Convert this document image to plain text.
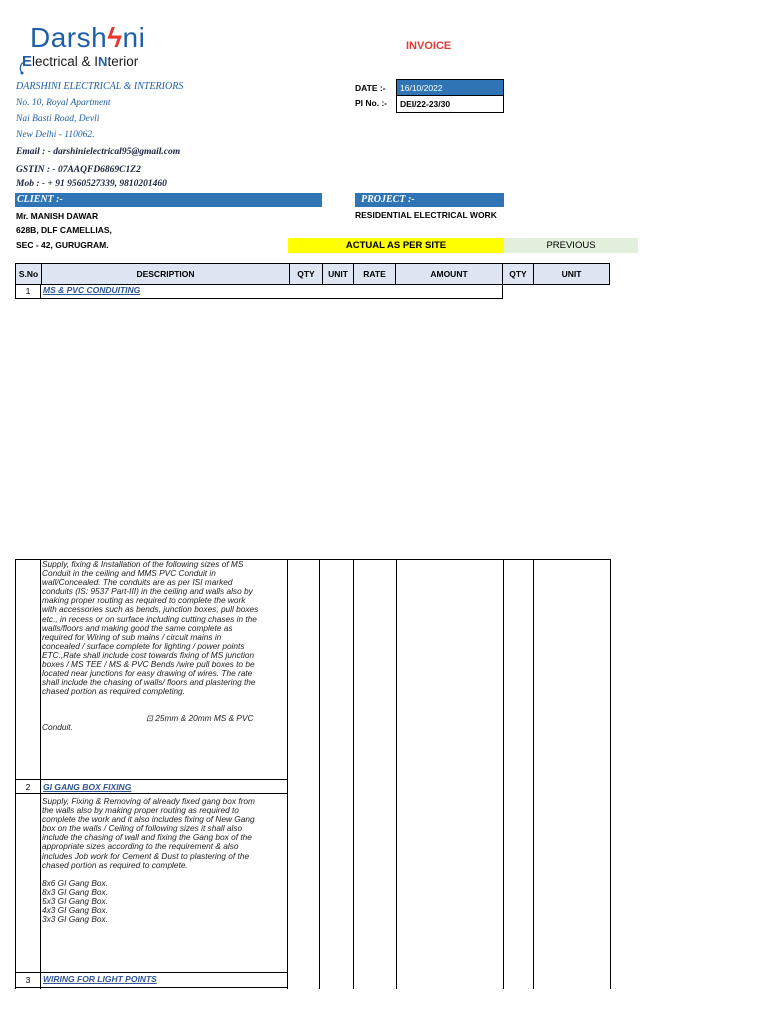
Darshϟni
Electrical & INterior
INVOICE
DARSHINI ELECTRICAL & INTERIORS
No. 10, Royal Apartment
Nai Basti Road, Devli
New Delhi - 110062.
Email : - darshinielectrical95@gmail.com
GSTIN : - 07AAQFD6869C1Z2
Mob : - + 91 9560527339, 9810201460
DATE :-	16/10/2022
PI No. :-	DEI/22-23/30
CLIENT :-	PROJECT :-
Mr. MANISH DAWAR
628B, DLF CAMELLIAS,
SEC - 42, GURUGRAM.
RESIDENTIAL ELECTRICAL WORK
ACTUAL AS PER SITE	PREVIOUS
S.No	DESCRIPTION	QTY	UNIT	RATE	AMOUNT	QTY	UNIT
1	MS & PVC CONDUITING
Supply, fixing & Installation of the following sizes of MS
Conduit in the ceiling and MMS PVC Conduit in
wall/Concealed. The conduits are as per ISI marked
conduits (IS: 9537 Part-III) in the ceiling and walls also by
making proper routing as required to complete the work
with accessories such as bends, junction boxes, pull boxes
etc., in recess or on surface including cutting chases in the
walls/floors and making good the same complete as
required for Wiring of sub mains / circuit mains in
concealed / surface complete for lighting / power points
ETC.,Rate shall include cost towards fixing of MS junction
boxes / MS TEE / MS & PVC Bends /wire pull boxes to be
located near junctions for easy drawing of wires. The rate
shall include the chasing of walls/ floors and plastering the
chased portion as required completing.
⊡ 25mm & 20mm MS & PVC
Conduit.
2	GI GANG BOX FIXING
Supply, Fixing & Removing of already fixed gang box from
the walls also by making proper routing as required to
complete the work and it also includes fixing of New Gang
box on the walls / Ceiling of following sizes it shall also
include the chasing of wall and fixing the Gang box of the
appropriate sizes according to the requirement & also
includes Job work for Cement & Dust to plastering of the
chased portion as required to complete.
8x6 GI Gang Box.
8x3 GI Gang Box.
5x3 GI Gang Box.
4x3 GI Gang Box.
3x3 GI Gang Box.
3	WIRING FOR LIGHT POINTS
